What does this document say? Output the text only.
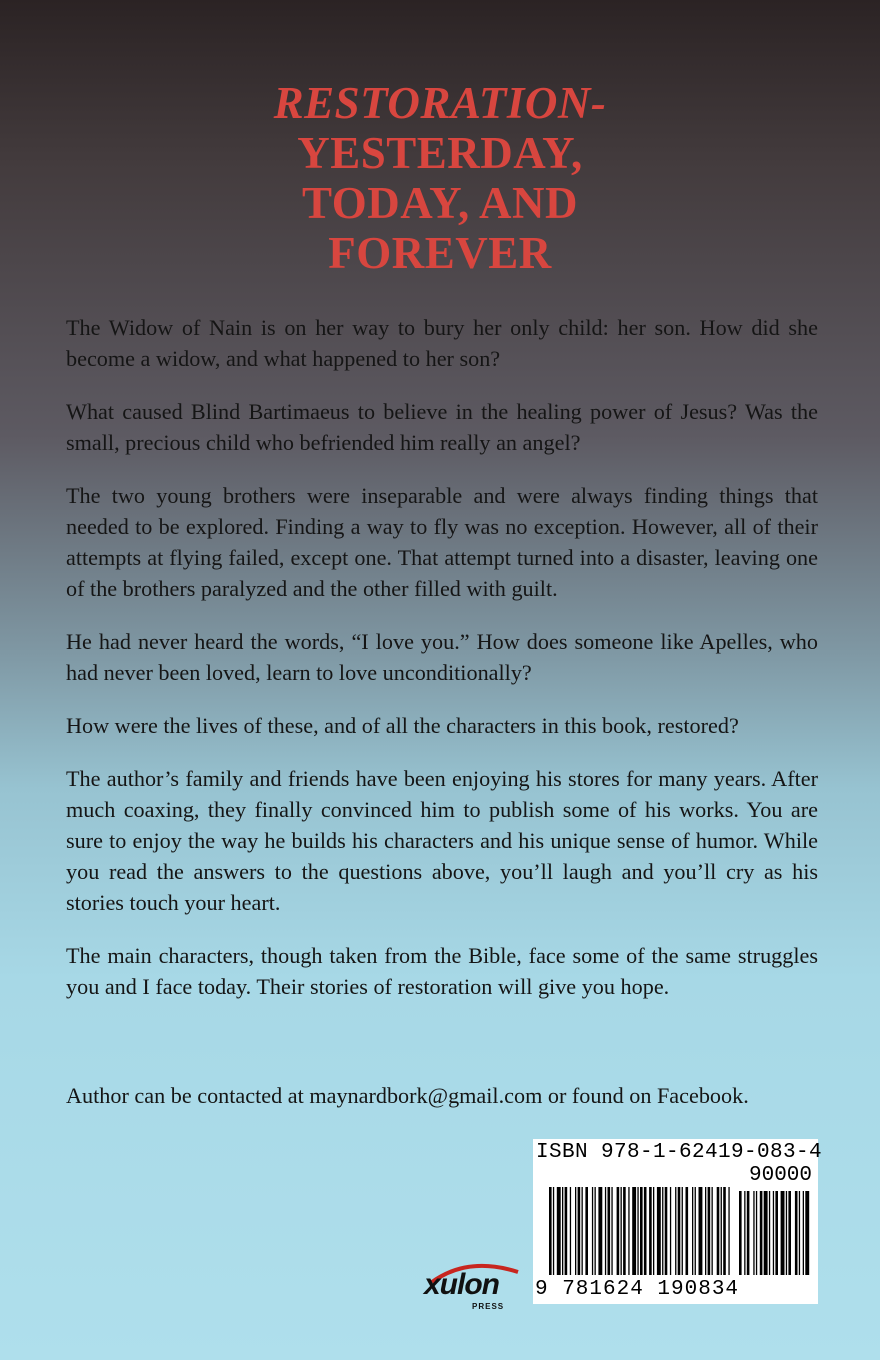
RESTORATION-
YESTERDAY,
TODAY, AND
FOREVER

The Widow of Nain is on her way to bury her only child: her son. How did she become a widow, and what happened to her son?

What caused Blind Bartimaeus to believe in the healing power of Jesus? Was the small, precious child who befriended him really an angel?

The two young brothers were inseparable and were always finding things that needed to be explored. Finding a way to fly was no exception. However, all of their attempts at flying failed, except one. That attempt turned into a disaster, leaving one of the brothers paralyzed and the other filled with guilt.

He had never heard the words, “I love you.” How does someone like Apelles, who had never been loved, learn to love unconditionally?

How were the lives of these, and of all the characters in this book, restored?

The author’s family and friends have been enjoying his stores for many years. After much coaxing, they finally convinced him to publish some of his works. You are sure to enjoy the way he builds his characters and his unique sense of humor. While you read the answers to the questions above, you’ll laugh and you’ll cry as his stories touch your heart.

The main characters, though taken from the Bible, face some of the same struggles you and I face today. Their stories of restoration will give you hope.

Author can be contacted at maynardbork@gmail.com or found on Facebook.
xulon
PRESS
ISBN 978-1-62419-083-4
90000
9 781624 190834
